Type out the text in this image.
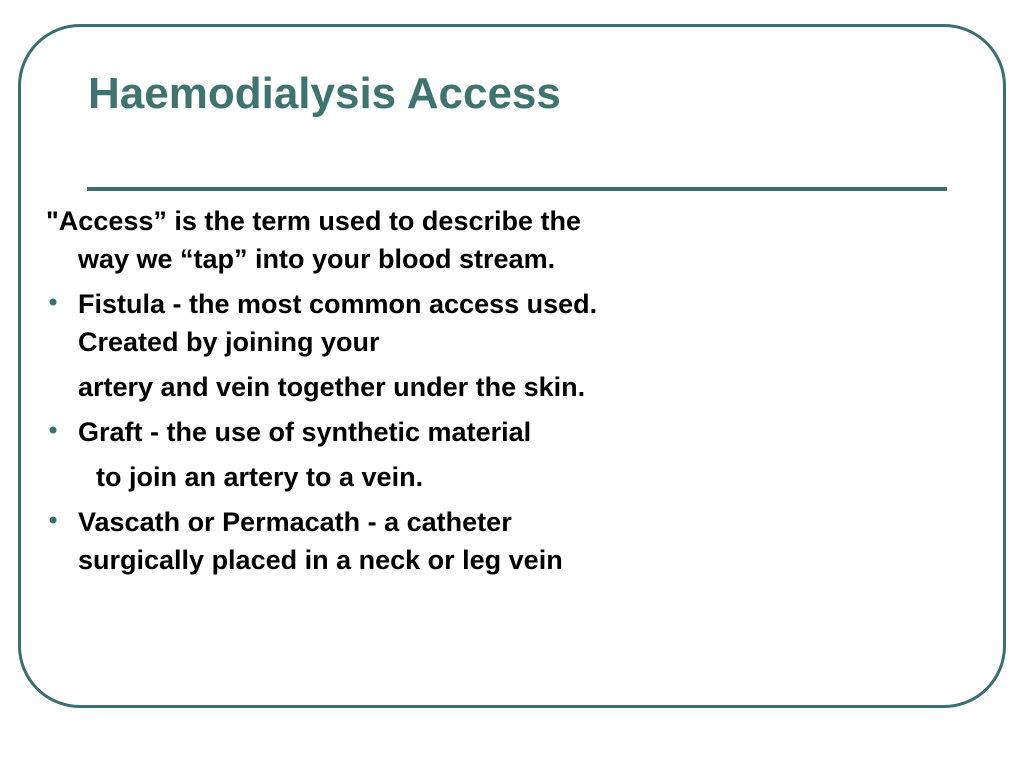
Haemodialysis Access

"Access” is the term used to describe the

way we “tap” into your blood stream.

• Fistula - the most common access used.

Created by joining your

artery and vein together under the skin.

• Graft - the use of synthetic material

to join an artery to a vein.

• Vascath or Permacath - a catheter

surgically placed in a neck or leg vein
